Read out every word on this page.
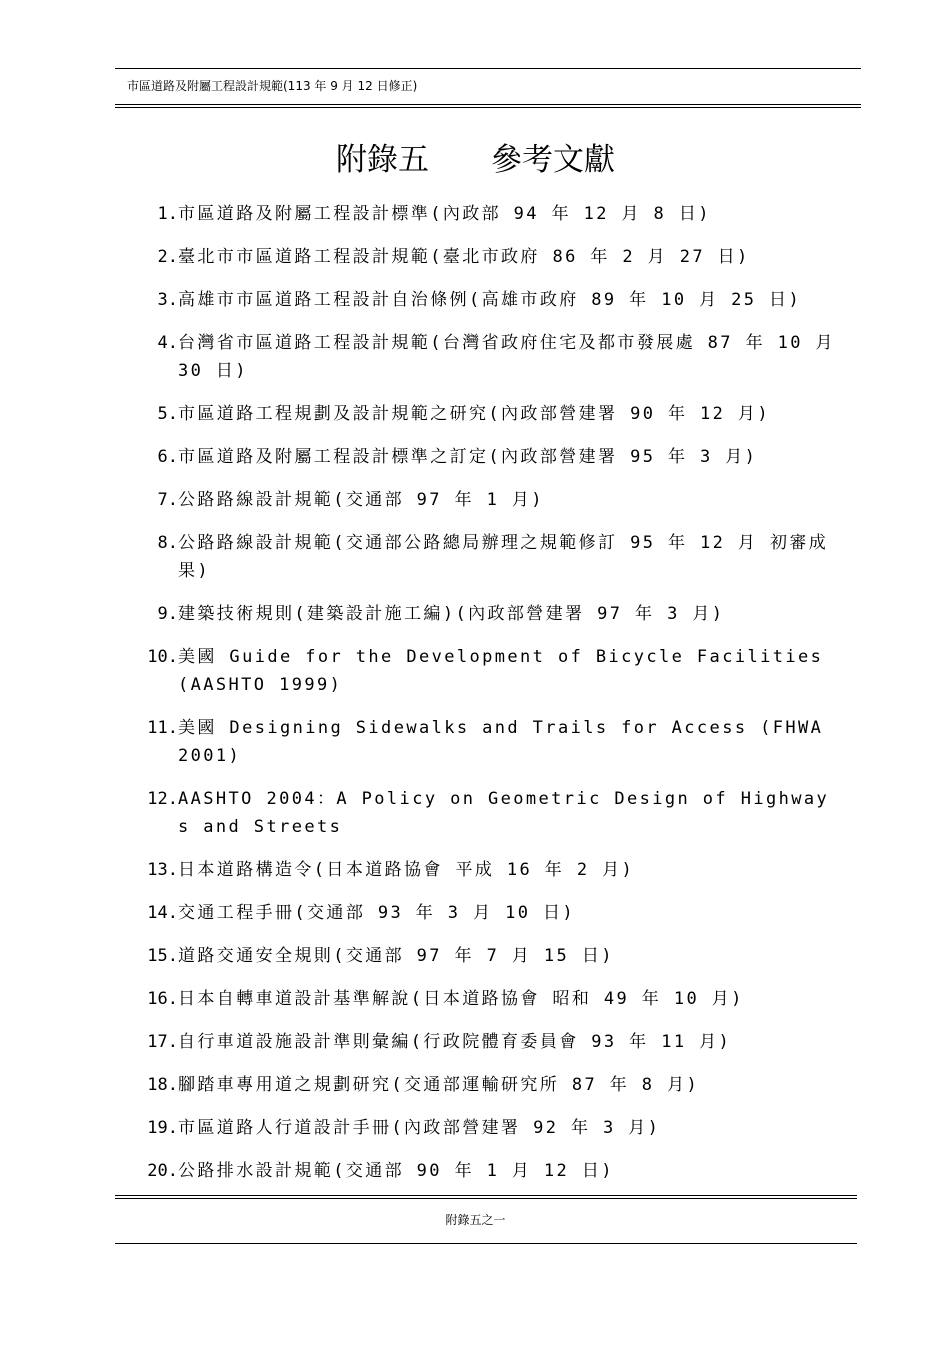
市區道路及附屬工程設計規範(113 年 9 月 12 日修正)
附錄五　　參考文獻
1. 市區道路及附屬工程設計標準(內政部 94 年 12 月 8 日)
2. 臺北市市區道路工程設計規範(臺北市政府 86 年 2 月 27 日)
3. 高雄市市區道路工程設計自治條例(高雄市政府 89 年 10 月 25 日)
4. 台灣省市區道路工程設計規範(台灣省政府住宅及都市發展處 87 年 10 月 30 日)
5. 市區道路工程規劃及設計規範之研究(內政部營建署 90 年 12 月)
6. 市區道路及附屬工程設計標準之訂定(內政部營建署 95 年 3 月)
7. 公路路線設計規範(交通部 97 年 1 月)
8. 公路路線設計規範(交通部公路總局辦理之規範修訂 95 年 12 月 初審成果)
9. 建築技術規則(建築設計施工編)(內政部營建署 97 年 3 月)
10. 美國 Guide for the Development of Bicycle Facilities(AASHTO 1999)
11. 美國 Designing Sidewalks and Trails for Access (FHWA 2001)
12. AASHTO 2004：A Policy on Geometric Design of Highways and Streets
13. 日本道路構造令(日本道路協會 平成 16 年 2 月)
14. 交通工程手冊(交通部 93 年 3 月 10 日)
15. 道路交通安全規則(交通部 97 年 7 月 15 日)
16. 日本自轉車道設計基準解說(日本道路協會 昭和 49 年 10 月)
17. 自行車道設施設計準則彙編(行政院體育委員會 93 年 11 月)
18. 腳踏車專用道之規劃研究(交通部運輸研究所 87 年 8 月)
19. 市區道路人行道設計手冊(內政部營建署 92 年 3 月)
20. 公路排水設計規範(交通部 90 年 1 月 12 日)
附錄五之一
